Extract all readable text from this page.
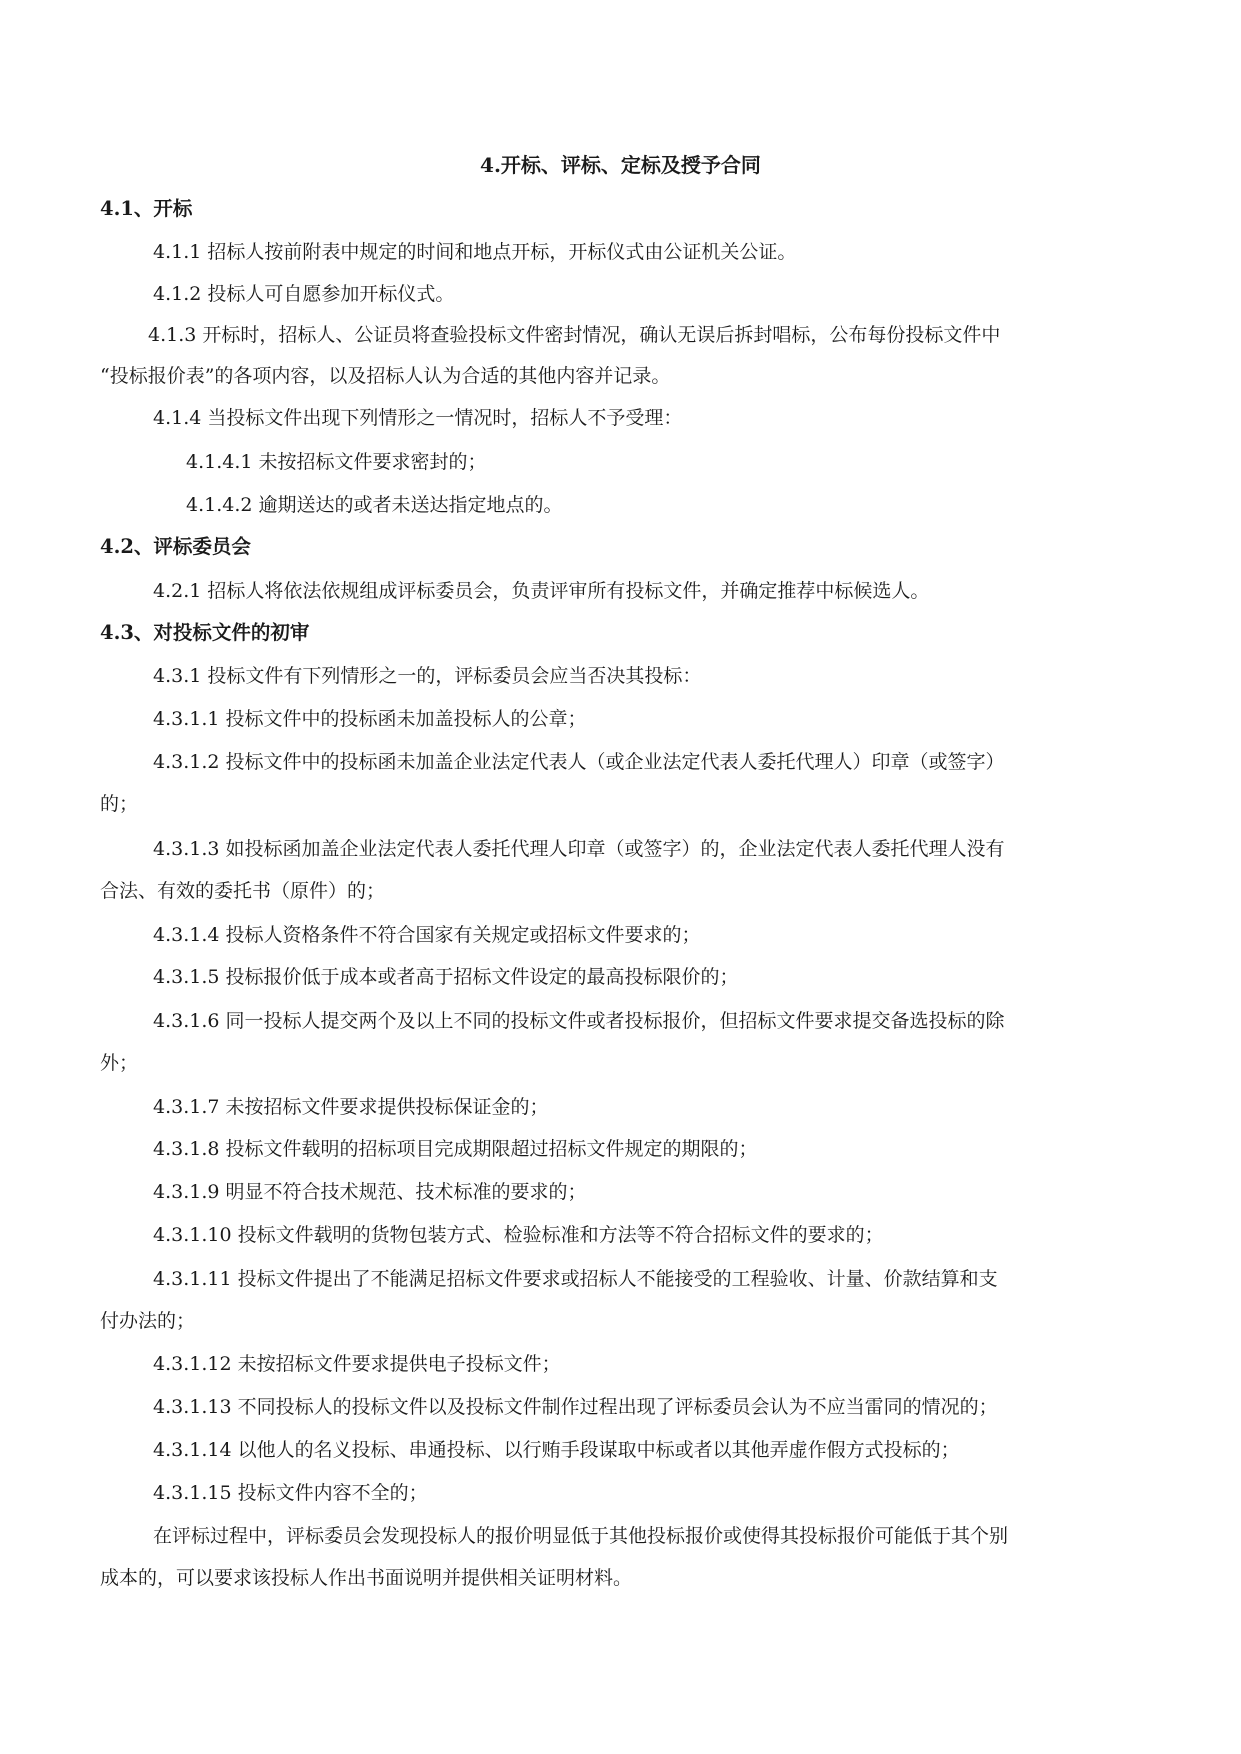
4.开标、评标、定标及授予合同
4.1、开标
4.1.1 招标人按前附表中规定的时间和地点开标，开标仪式由公证机关公证。
4.1.2 投标人可自愿参加开标仪式。
4.1.3 开标时，招标人、公证员将查验投标文件密封情况，确认无误后拆封唱标，公布每份投标文件中
“投标报价表”的各项内容，以及招标人认为合适的其他内容并记录。
4.1.4 当投标文件出现下列情形之一情况时，招标人不予受理：
4.1.4.1 未按招标文件要求密封的；
4.1.4.2 逾期送达的或者未送达指定地点的。
4.2、评标委员会
4.2.1 招标人将依法依规组成评标委员会，负责评审所有投标文件，并确定推荐中标候选人。
4.3、对投标文件的初审
4.3.1 投标文件有下列情形之一的，评标委员会应当否决其投标：
4.3.1.1 投标文件中的投标函未加盖投标人的公章；
4.3.1.2 投标文件中的投标函未加盖企业法定代表人（或企业法定代表人委托代理人）印章（或签字）
的；
4.3.1.3 如投标函加盖企业法定代表人委托代理人印章（或签字）的，企业法定代表人委托代理人没有
合法、有效的委托书（原件）的；
4.3.1.4 投标人资格条件不符合国家有关规定或招标文件要求的；
4.3.1.5 投标报价低于成本或者高于招标文件设定的最高投标限价的；
4.3.1.6 同一投标人提交两个及以上不同的投标文件或者投标报价，但招标文件要求提交备选投标的除
外；
4.3.1.7 未按招标文件要求提供投标保证金的；
4.3.1.8 投标文件载明的招标项目完成期限超过招标文件规定的期限的；
4.3.1.9 明显不符合技术规范、技术标准的要求的；
4.3.1.10 投标文件载明的货物包装方式、检验标准和方法等不符合招标文件的要求的；
4.3.1.11 投标文件提出了不能满足招标文件要求或招标人不能接受的工程验收、计量、价款结算和支
付办法的；
4.3.1.12 未按招标文件要求提供电子投标文件；
4.3.1.13 不同投标人的投标文件以及投标文件制作过程出现了评标委员会认为不应当雷同的情况的；
4.3.1.14 以他人的名义投标、串通投标、以行贿手段谋取中标或者以其他弄虚作假方式投标的；
4.3.1.15 投标文件内容不全的；
在评标过程中，评标委员会发现投标人的报价明显低于其他投标报价或使得其投标报价可能低于其个别
成本的，可以要求该投标人作出书面说明并提供相关证明材料。
